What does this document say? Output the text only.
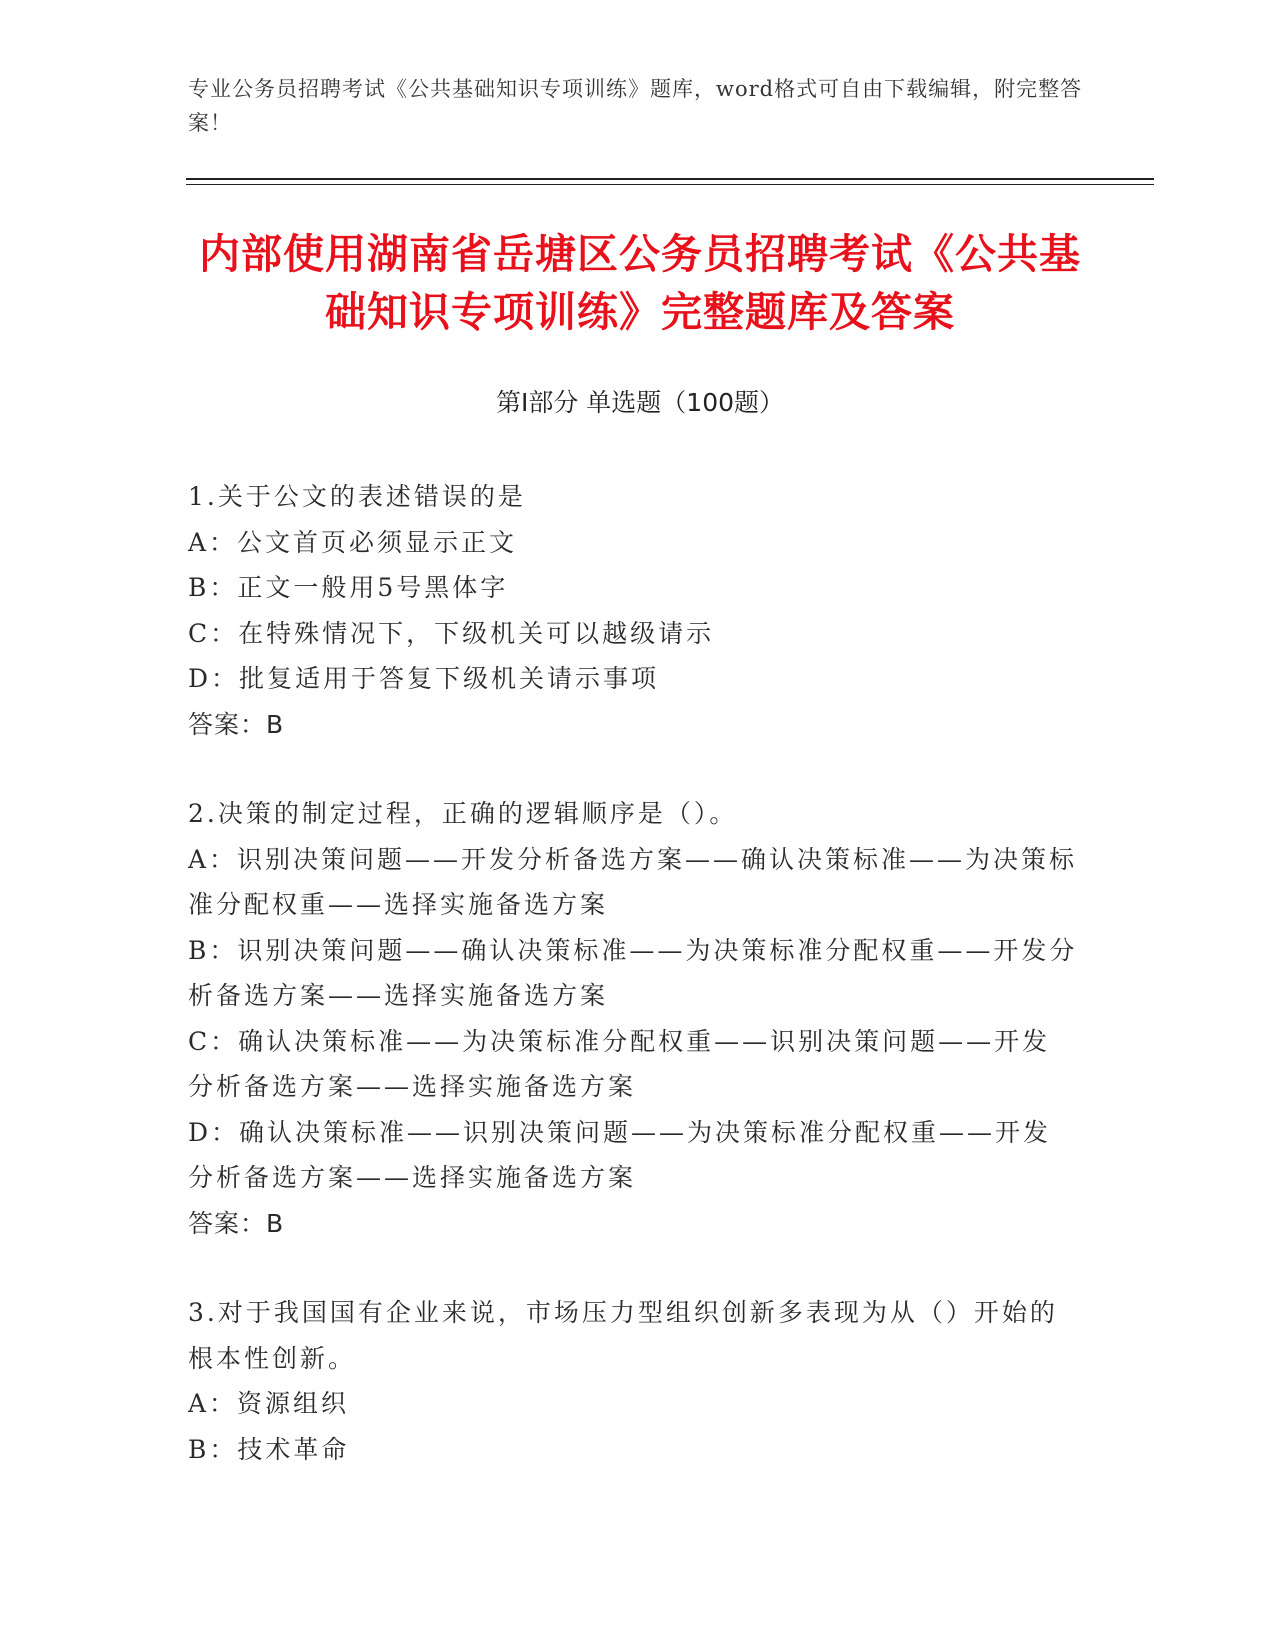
专业公务员招聘考试《公共基础知识专项训练》题库，word格式可自由下载编辑，附完整答案！
内部使用湖南省岳塘区公务员招聘考试《公共基础知识专项训练》完整题库及答案
第Ⅰ部分 单选题（100题）

1.关于公文的表述错误的是

A：公文首页必须显示正文

B：正文一般用5号黑体字

C：在特殊情况下，下级机关可以越级请示

D：批复适用于答复下级机关请示事项

答案：B

2.决策的制定过程，正确的逻辑顺序是（）。

A：识别决策问题——开发分析备选方案——确认决策标准——为决策标准分配权重——选择实施备选方案

B：识别决策问题——确认决策标准——为决策标准分配权重——开发分析备选方案——选择实施备选方案

C：确认决策标准——为决策标准分配权重——识别决策问题——开发分析备选方案——选择实施备选方案

D：确认决策标准——识别决策问题——为决策标准分配权重——开发分析备选方案——选择实施备选方案

答案：B

3.对于我国国有企业来说，市场压力型组织创新多表现为从（）开始的根本性创新。

A：资源组织

B：技术革命
